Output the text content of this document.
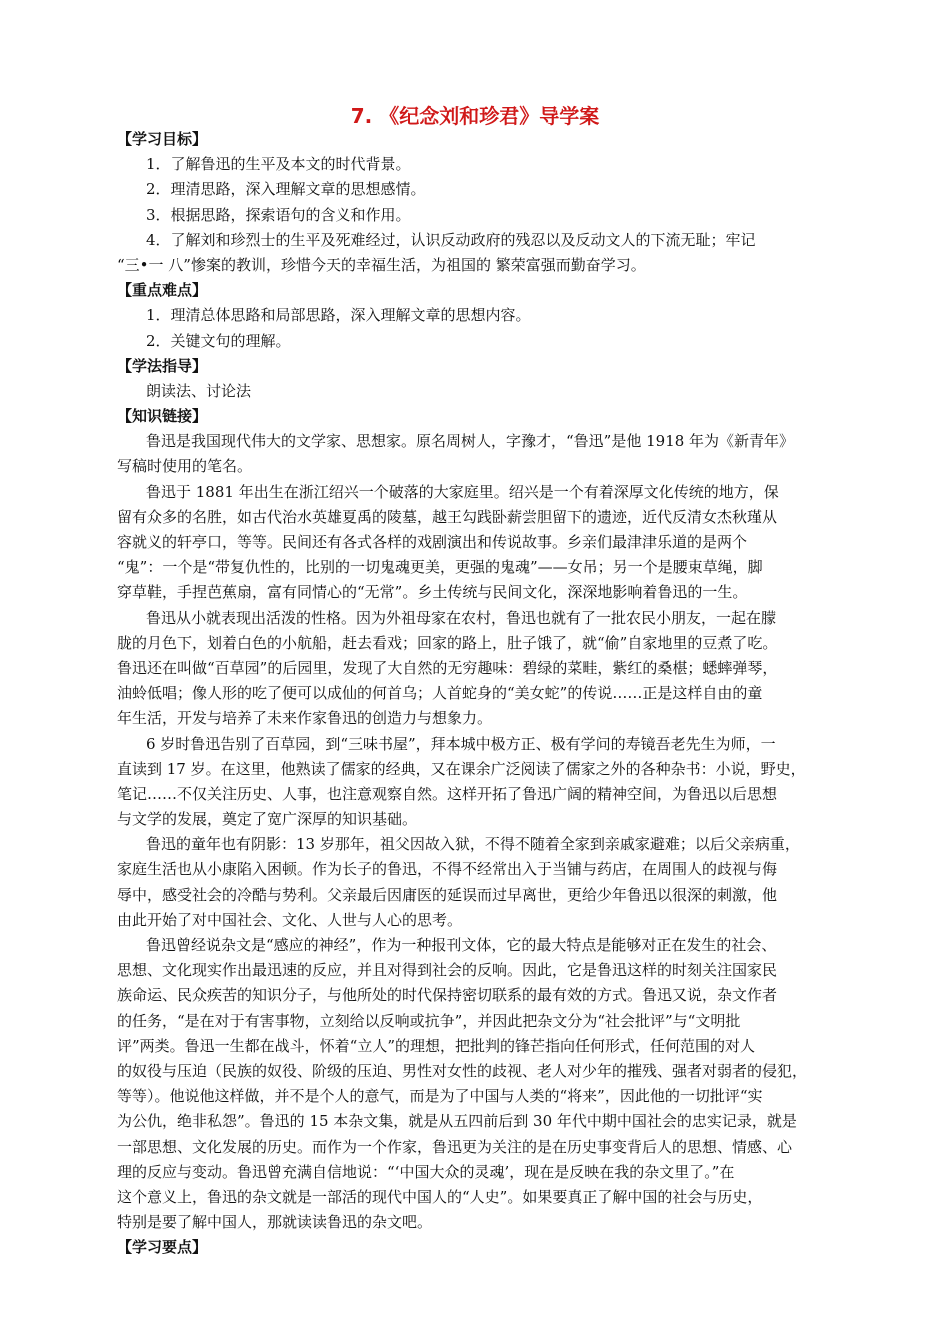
7. 《纪念刘和珍君》导学案
【学习目标】
1．了解鲁迅的生平及本文的时代背景。
2．理清思路，深入理解文章的思想感情。
3．根据思路，探索语句的含义和作用。
4．了解刘和珍烈士的生平及死难经过，认识反动政府的残忍以及反动文人的下流无耻；牢记
“三•一 八”惨案的教训，珍惜今天的幸福生活，为祖国的 繁荣富强而勤奋学习。
【重点难点】
1．理清总体思路和局部思路，深入理解文章的思想内容。
2．关键文句的理解。
【学法指导】
朗读法、讨论法
【知识链接】
鲁迅是我国现代伟大的文学家、思想家。原名周树人，字豫才，“鲁迅”是他 1918 年为《新青年》
写稿时使用的笔名。
鲁迅于 1881 年出生在浙江绍兴一个破落的大家庭里。绍兴是一个有着深厚文化传统的地方，保
留有众多的名胜，如古代治水英雄夏禹的陵墓，越王勾践卧薪尝胆留下的遗迹，近代反清女杰秋瑾从
容就义的轩亭口，等等。民间还有各式各样的戏剧演出和传说故事。乡亲们最津津乐道的是两个
“鬼”：一个是“带复仇性的，比别的一切鬼魂更美，更强的鬼魂”——女吊；另一个是腰束草绳，脚
穿草鞋，手捏芭蕉扇，富有同情心的“无常”。乡土传统与民间文化，深深地影响着鲁迅的一生。
鲁迅从小就表现出活泼的性格。因为外祖母家在农村，鲁迅也就有了一批农民小朋友，一起在朦
胧的月色下，划着白色的小航船，赶去看戏；回家的路上，肚子饿了，就“偷”自家地里的豆煮了吃。
鲁迅还在叫做“百草园”的后园里，发现了大自然的无穷趣味：碧绿的菜畦，紫红的桑椹；蟋蟀弹琴，
油蛉低唱；像人形的吃了便可以成仙的何首乌；人首蛇身的“美女蛇”的传说……正是这样自由的童
年生活，开发与培养了未来作家鲁迅的创造力与想象力。
6 岁时鲁迅告别了百草园，到“三味书屋”，拜本城中极方正、极有学问的寿镜吾老先生为师，一
直读到 17 岁。在这里，他熟读了儒家的经典，又在课余广泛阅读了儒家之外的各种杂书：小说，野史，
笔记……不仅关注历史、人事，也注意观察自然。这样开拓了鲁迅广阔的精神空间，为鲁迅以后思想
与文学的发展，奠定了宽广深厚的知识基础。
鲁迅的童年也有阴影：13 岁那年，祖父因故入狱，不得不随着全家到亲戚家避难；以后父亲病重，
家庭生活也从小康陷入困顿。作为长子的鲁迅，不得不经常出入于当铺与药店，在周围人的歧视与侮
辱中，感受社会的冷酷与势利。父亲最后因庸医的延误而过早离世，更给少年鲁迅以很深的刺激，他
由此开始了对中国社会、文化、人世与人心的思考。
鲁迅曾经说杂文是“感应的神经”，作为一种报刊文体，它的最大特点是能够对正在发生的社会、
思想、文化现实作出最迅速的反应，并且对得到社会的反响。因此，它是鲁迅这样的时刻关注国家民
族命运、民众疾苦的知识分子，与他所处的时代保持密切联系的最有效的方式。鲁迅又说，杂文作者
的任务，“是在对于有害事物，立刻给以反响或抗争”，并因此把杂文分为“社会批评”与“文明批
评”两类。鲁迅一生都在战斗，怀着“立人”的理想，把批判的锋芒指向任何形式，任何范围的对人
的奴役与压迫（民族的奴役、阶级的压迫、男性对女性的歧视、老人对少年的摧残、强者对弱者的侵犯，
等等）。他说他这样做，并不是个人的意气，而是为了中国与人类的“将来”，因此他的一切批评“实
为公仇，绝非私怨”。鲁迅的 15 本杂文集，就是从五四前后到 30 年代中期中国社会的忠实记录，就是
一部思想、文化发展的历史。而作为一个作家，鲁迅更为关注的是在历史事变背后人的思想、情感、心
理的反应与变动。鲁迅曾充满自信地说：“‘中国大众的灵魂’，现在是反映在我的杂文里了。”在
这个意义上，鲁迅的杂文就是一部活的现代中国人的“人史”。如果要真正了解中国的社会与历史，
特别是要了解中国人，那就读读鲁迅的杂文吧。
【学习要点】
